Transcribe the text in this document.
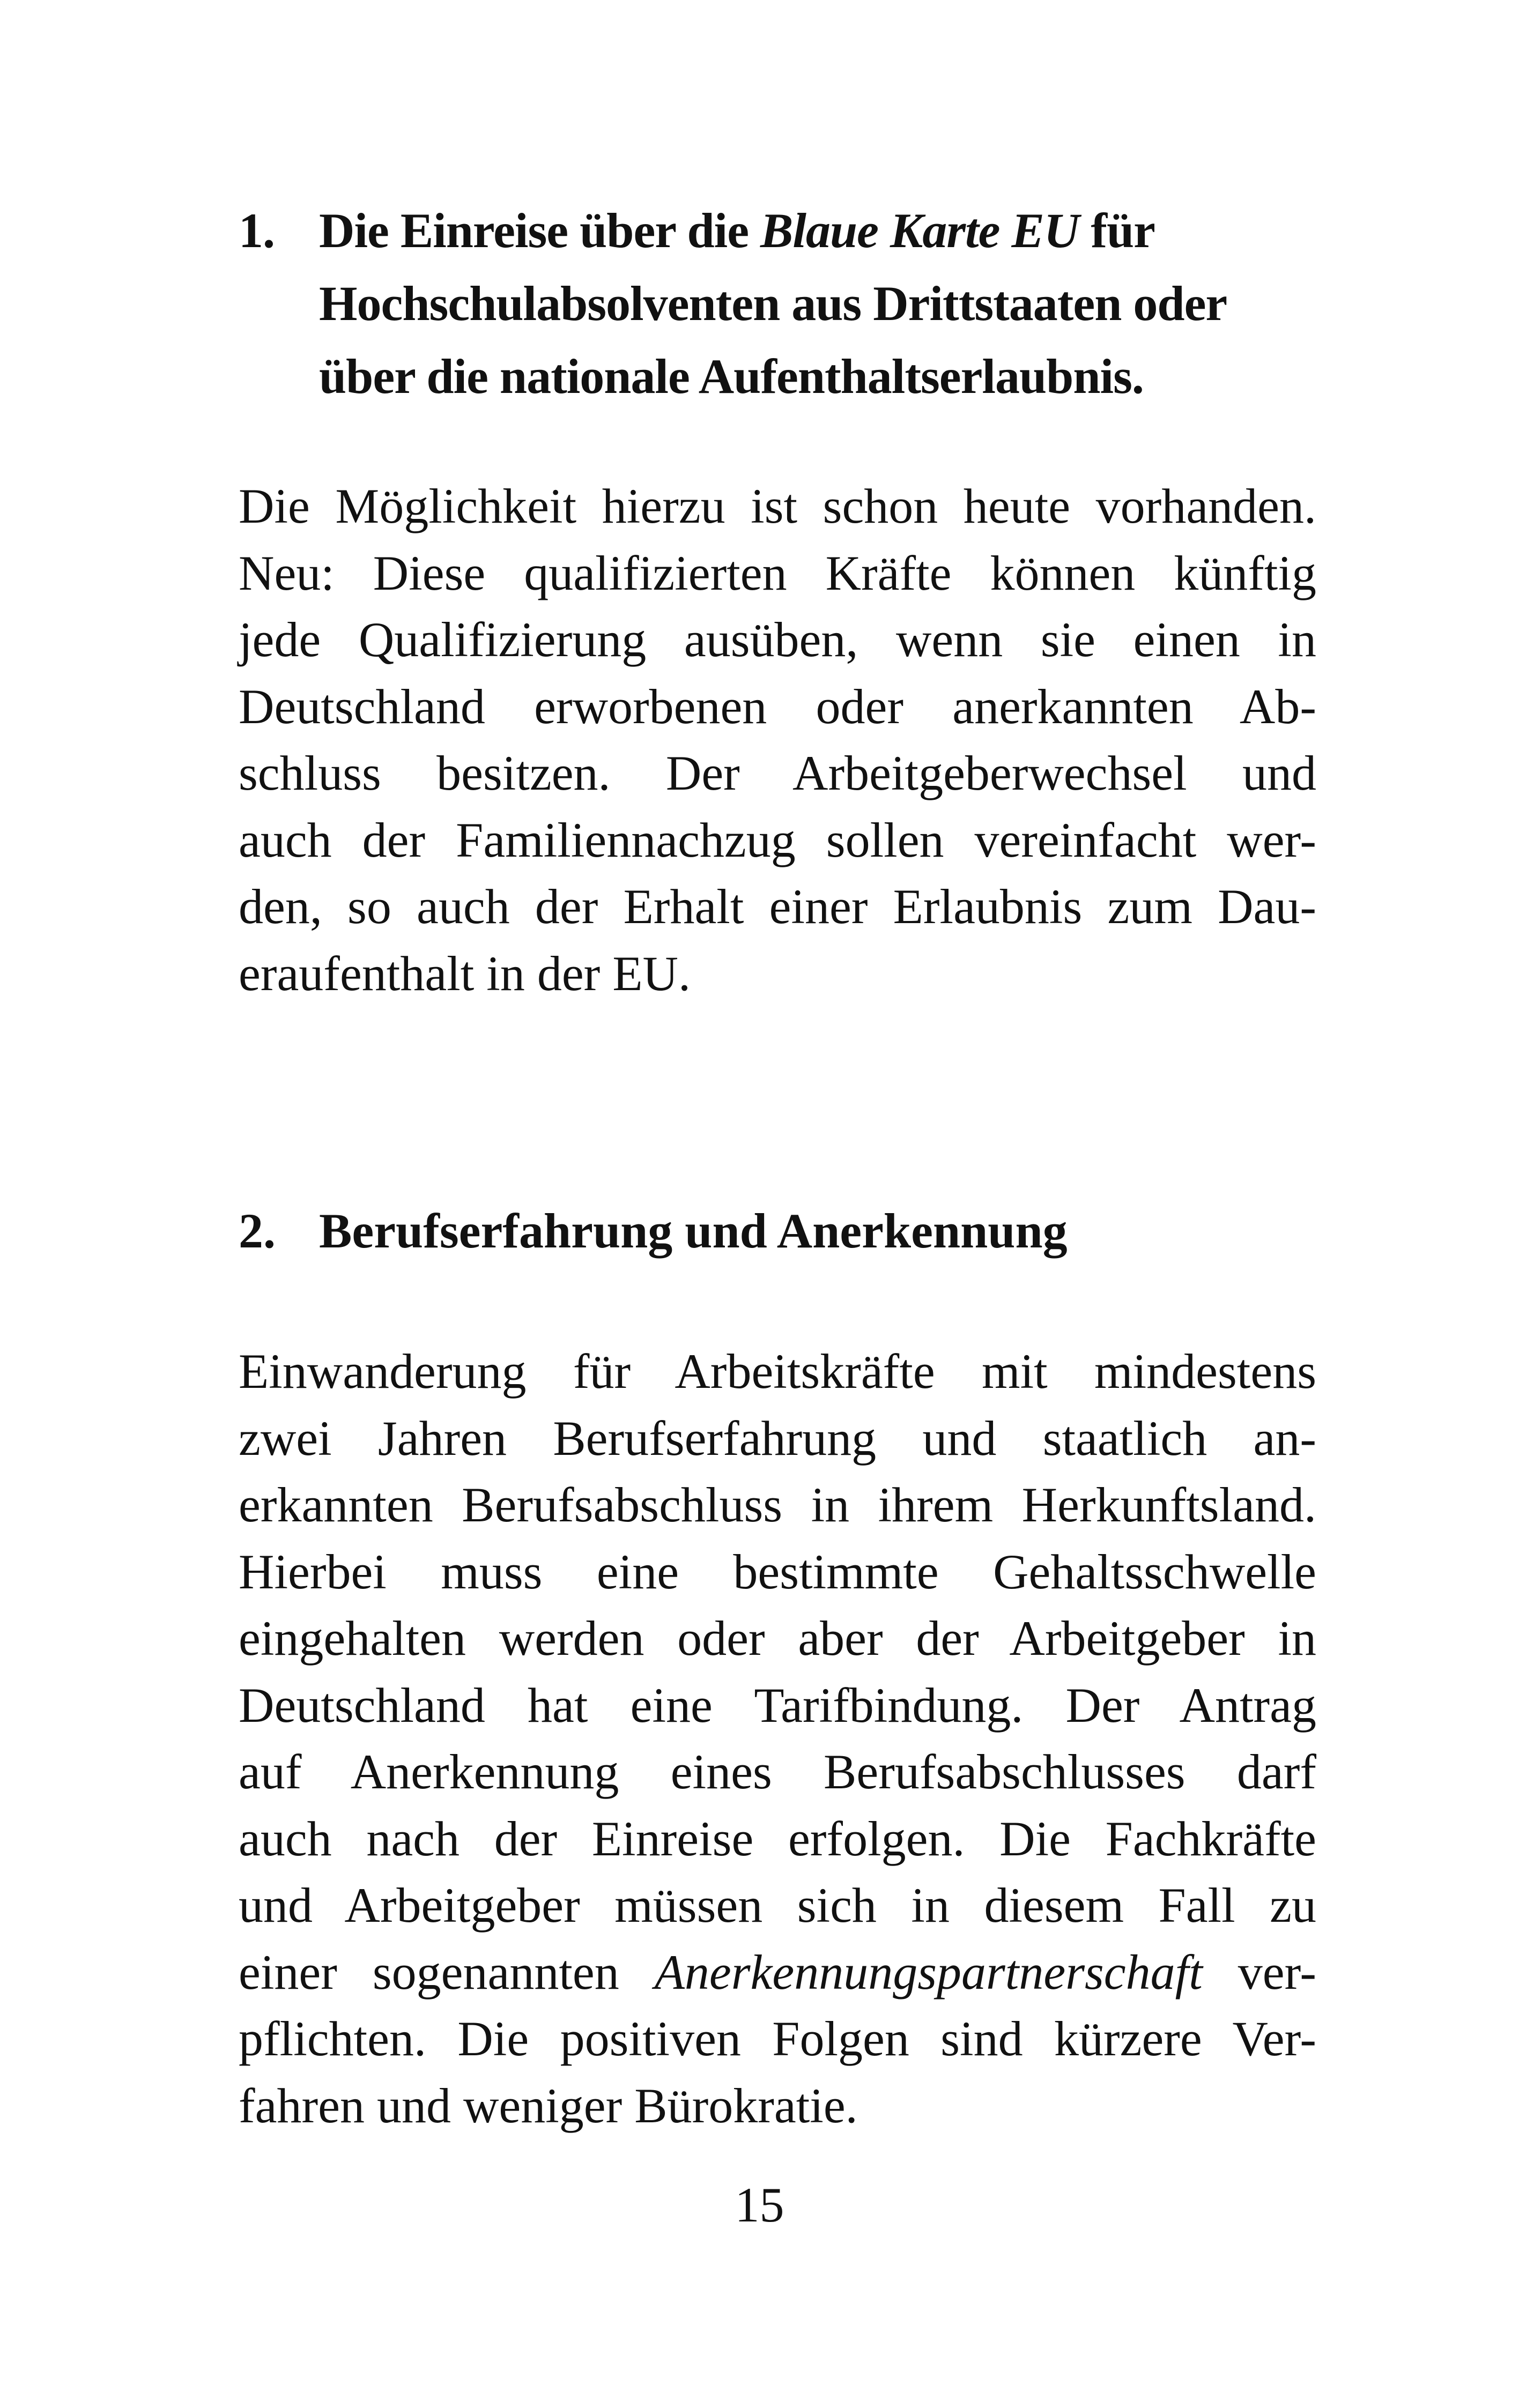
1. Die Einreise über die Blaue Karte EU für
Hochschulabsolventen aus Drittstaaten oder
über die nationale Aufenthaltserlaubnis.

Die Möglichkeit hierzu ist schon heute vorhanden.
Neu: Diese qualifizierten Kräfte können künftig
jede Qualifizierung ausüben, wenn sie einen in
Deutschland erworbenen oder anerkannten Ab-
schluss besitzen. Der Arbeitgeberwechsel und
auch der Familiennachzug sollen vereinfacht wer-
den, so auch der Erhalt einer Erlaubnis zum Dau-
eraufenthalt in der EU.

2. Berufserfahrung und Anerkennung

Einwanderung für Arbeitskräfte mit mindestens
zwei Jahren Berufserfahrung und staatlich an-
erkannten Berufsabschluss in ihrem Herkunftsland.
Hierbei muss eine bestimmte Gehaltsschwelle
eingehalten werden oder aber der Arbeitgeber in
Deutschland hat eine Tarifbindung. Der Antrag
auf Anerkennung eines Berufsabschlusses darf
auch nach der Einreise erfolgen. Die Fachkräfte
und Arbeitgeber müssen sich in diesem Fall zu
einer sogenannten Anerkennungspartnerschaft ver-
pflichten. Die positiven Folgen sind kürzere Ver-
fahren und weniger Bürokratie.

15
